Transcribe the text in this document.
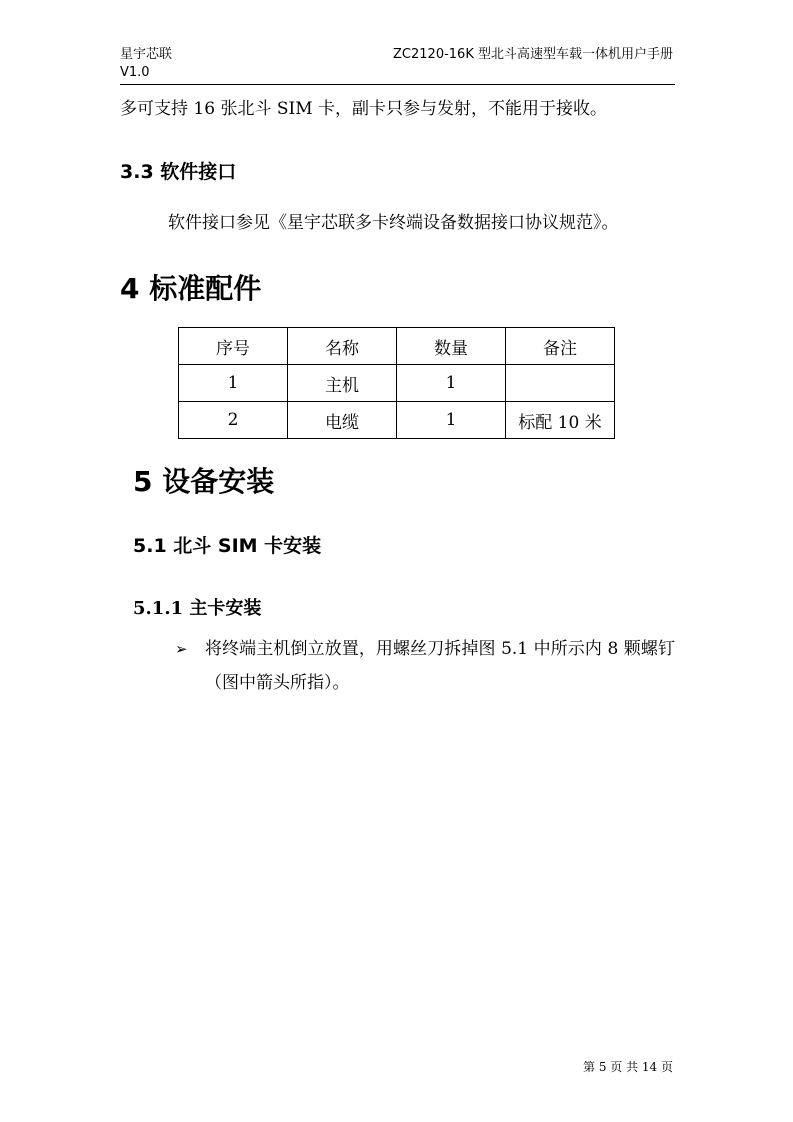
星宇芯联
V1.0
ZC2120-16K 型北斗高速型车载一体机用户手册
多可支持 16 张北斗 SIM 卡，副卡只参与发射，不能用于接收。
3.3 软件接口
软件接口参见《星宇芯联多卡终端设备数据接口协议规范》。
4 标准配件
序号	名称	数量	备注
1	主机	1	
2	电缆	1	标配 10 米
5 设备安装
5.1 北斗 SIM 卡安装
5.1.1 主卡安装
➢	将终端主机倒立放置，用螺丝刀拆掉图 5.1 中所示内 8 颗螺钉（图中箭头所指）。
第 5 页 共 14 页
